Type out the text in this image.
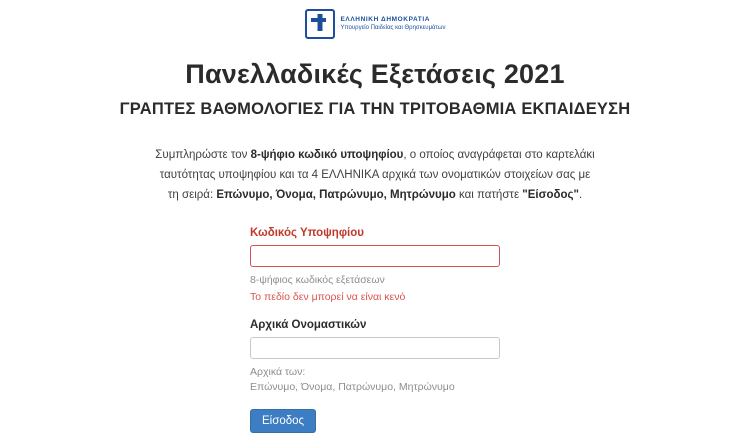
ΕΛΛΗΝΙΚΗ ΔΗΜΟΚΡΑΤΙΑ
Υπουργείο Παιδείας και Θρησκευμάτων
Πανελλαδικές Εξετάσεις 2021
ΓΡΑΠΤΕΣ ΒΑΘΜΟΛΟΓΙΕΣ ΓΙΑ ΤΗΝ ΤΡΙΤΟΒΑΘΜΙΑ ΕΚΠΑΙΔΕΥΣΗ
Συμπληρώστε τον 8-ψήφιο κωδικό υποψηφίου, ο οποίος αναγράφεται στο καρτελάκι ταυτότητας υποψηφίου και τα 4 ΕΛΛΗΝΙΚΑ αρχικά των ονοματικών στοιχείων σας με τη σειρά: Επώνυμο, Όνομα, Πατρώνυμο, Μητρώνυμο και πατήστε "Είσοδος".
Κωδικός Υποψηφίου
8-ψήφιος κωδικός εξετάσεων
Το πεδίο δεν μπορεί να είναι κενό
Αρχικά Ονομαστικών
Αρχικά των:
Επώνυμο, Όνομα, Πατρώνυμο, Μητρώνυμο
Είσοδος
